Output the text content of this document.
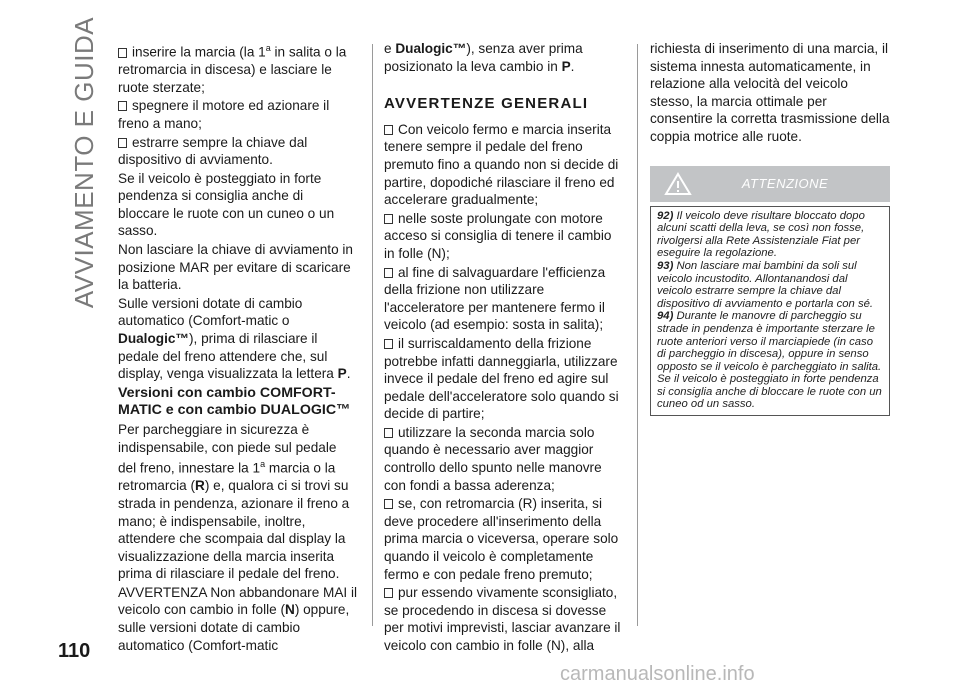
AVVIAMENTO E GUIDA	inserire la marcia (la 1$^a$ in salita o la retromarcia in discesa) e lasciare le ruote sterzate;

spegnere il motore ed azionare il freno a mano;

estrarre sempre la chiave dal dispositivo di avviamento.

Se il veicolo è posteggiato in forte pendenza si consiglia anche di bloccare le ruote con un cuneo o un sasso.

Non lasciare la chiave di avviamento in posizione MAR per evitare di scaricare la batteria.

Sulle versioni dotate di cambio automatico (Comfort-matic o Dualogic™), prima di rilasciare il pedale del freno attendere che, sul display, venga visualizzata la lettera P.

Versioni con cambio COMFORT-MATIC e con cambio DUALOGIC™

Per parcheggiare in sicurezza è indispensabile, con piede sul pedale del freno, innestare la 1$^a$ marcia o la retromarcia (R) e, qualora ci si trovi su strada in pendenza, azionare il freno a mano; è indispensabile, inoltre, attendere che scompaia dal display la visualizzazione della marcia inserita prima di rilasciare il pedale del freno.

AVVERTENZA Non abbandonare MAI il veicolo con cambio in folle (N) oppure, sulle versioni dotate di cambio automatico (Comfort-matic

e Dualogic™), senza aver prima posizionato la leva cambio in P.

AVVERTENZE GENERALI

Con veicolo fermo e marcia inserita tenere sempre il pedale del freno premuto fino a quando non si decide di partire, dopodiché rilasciare il freno ed accelerare gradualmente;

nelle soste prolungate con motore acceso si consiglia di tenere il cambio in folle (N);

al fine di salvaguardare l'efficienza della frizione non utilizzare l'acceleratore per mantenere fermo il veicolo (ad esempio: sosta in salita);

il surriscaldamento della frizione potrebbe infatti danneggiarla, utilizzare invece il pedale del freno ed agire sul pedale dell'acceleratore solo quando si decide di partire;

utilizzare la seconda marcia solo quando è necessario aver maggior controllo dello spunto nelle manovre con fondi a bassa aderenza;

se, con retromarcia (R) inserita, si deve procedere all'inserimento della prima marcia o viceversa, operare solo quando il veicolo è completamente fermo e con pedale freno premuto;

pur essendo vivamente sconsigliato, se procedendo in discesa si dovesse per motivi imprevisti, lasciar avanzare il veicolo con cambio in folle (N), alla

richiesta di inserimento di una marcia, il sistema innesta automaticamente, in relazione alla velocità del veicolo stesso, la marcia ottimale per consentire la corretta trasmissione della coppia motrice alle ruote.

ATTENZIONE

92) Il veicolo deve risultare bloccato dopo alcuni scatti della leva, se così non fosse, rivolgersi alla Rete Assistenziale Fiat per eseguire la regolazione.

93) Non lasciare mai bambini da soli sul veicolo incustodito. Allontanandosi dal veicolo estrarre sempre la chiave dal dispositivo di avviamento e portarla con sé.

94) Durante le manovre di parcheggio su strade in pendenza è importante sterzare le ruote anteriori verso il marciapiede (in caso di parcheggio in discesa), oppure in senso opposto se il veicolo è parcheggiato in salita. Se il veicolo è posteggiato in forte pendenza si consiglia anche di bloccare le ruote con un cuneo od un sasso.

110
carmanualsonline.info
